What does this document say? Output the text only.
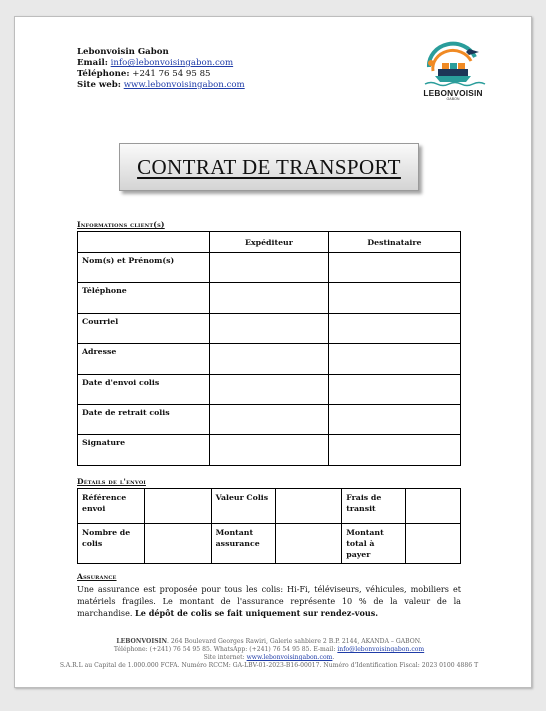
Lebonvoisin Gabon
Email: info@lebonvoisingabon.com
Téléphone: +241 76 54 95 85
Site web: www.lebonvoisingabon.com
LEBONVOISIN
GABON
CONTRAT DE TRANSPORT
Informations client(s)
	Expéditeur	Destinataire
Nom(s) et Prénom(s)		
Téléphone		
Courriel		
Adresse		
Date d'envoi colis		
Date de retrait colis		
Signature		
Détails de l'envoi
Référence envoi		Valeur Colis		Frais de transit	
Nombre de colis		Montant assurance		Montant total à payer	
Assurance
Une assurance est proposée pour tous les colis: Hi-Fi, téléviseurs, véhicules, mobiliers et matériels fragiles. Le montant de l'assurance représente 10 % de la valeur de la marchandise. Le dépôt de colis se fait uniquement sur rendez-vous.
LEBONVOISIN. 264 Boulevard Georges Rawiri, Galerie sahbiere 2 B.P. 2144, AKANDA – GABON.
Téléphone: (+241) 76 54 95 85. WhatsApp: (+241) 76 54 95 85. E-mail: info@lebonvoisingabon.com
Site internet: www.lebonvoisingabon.com.
S.A.R.L au Capital de 1.000.000 FCFA. Numéro RCCM: GA-LBV-01-2023-B16-00017. Numéro d'Identification Fiscal: 2023 0100 4886 T
